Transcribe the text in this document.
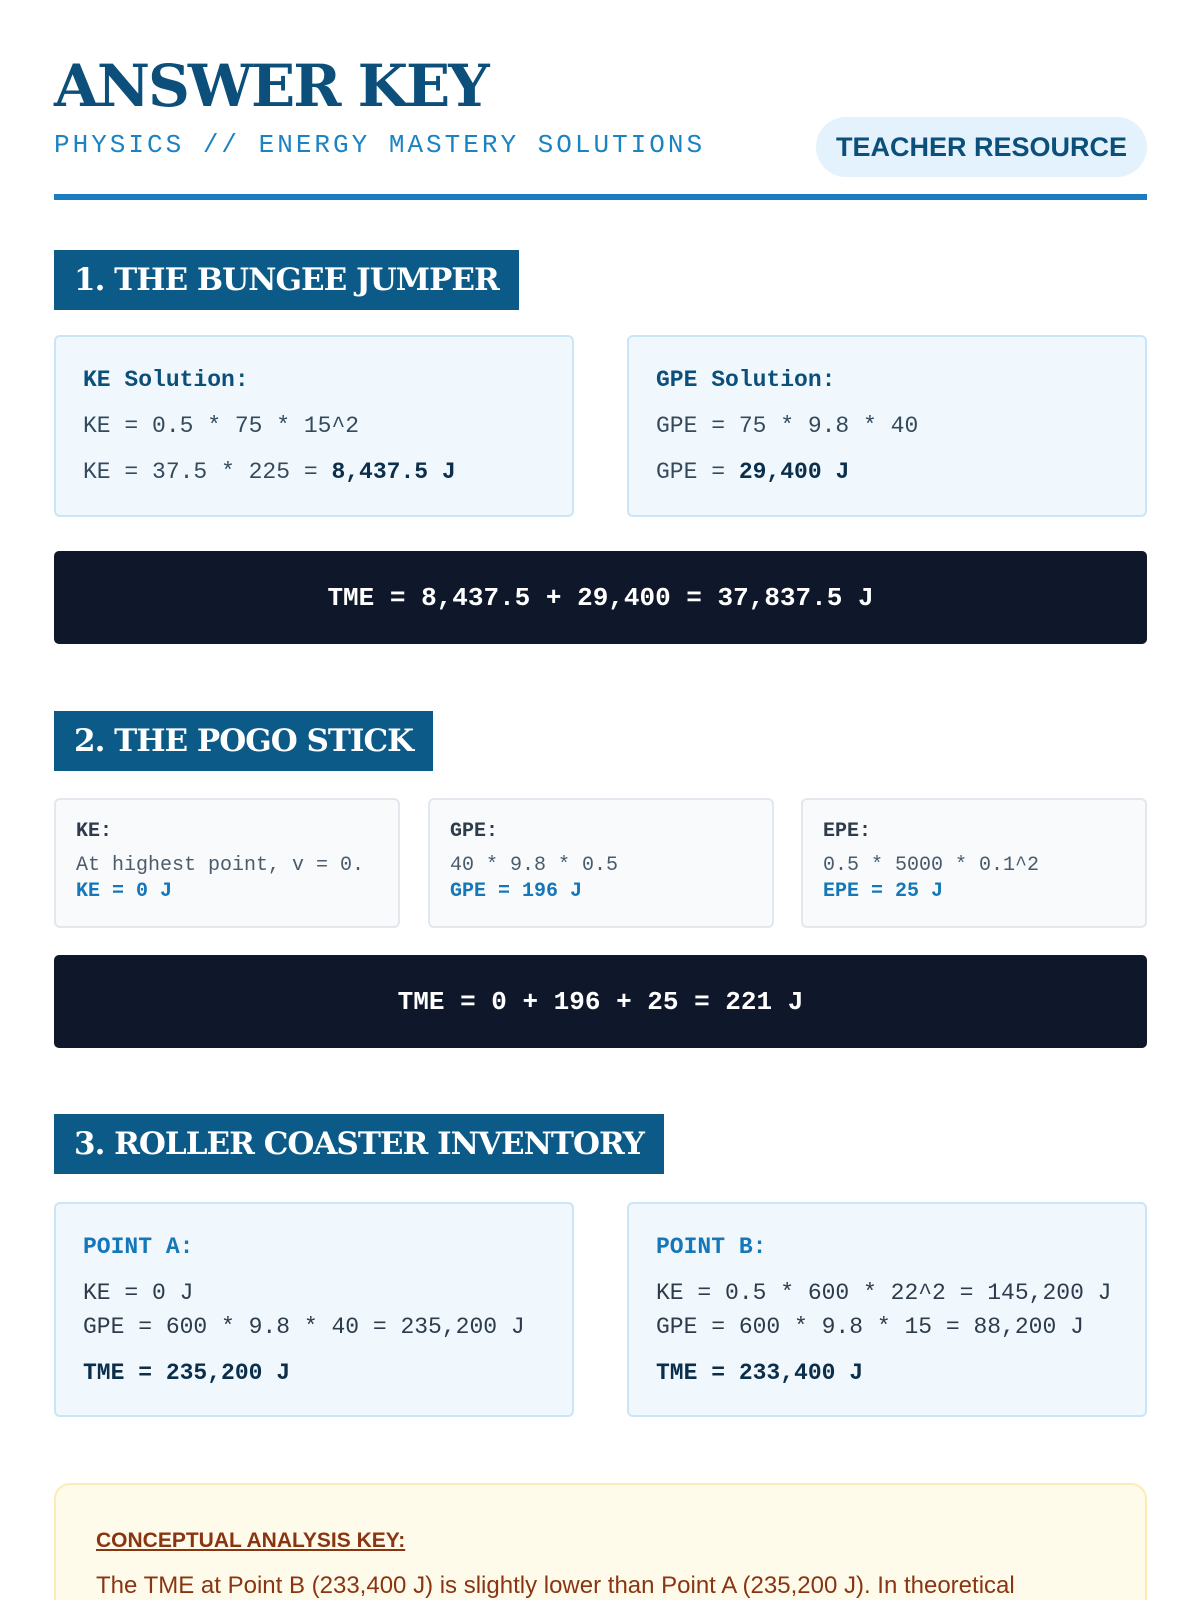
ANSWER KEY
PHYSICS // ENERGY MASTERY SOLUTIONS	TEACHER RESOURCE
1. THE BUNGEE JUMPER
KE Solution:
KE = 0.5 * 75 * 15^2
KE = 37.5 * 225 = 8,437.5 J
GPE Solution:
GPE = 75 * 9.8 * 40
GPE = 29,400 J
TME = 8,437.5 + 29,400 = 37,837.5 J
2. THE POGO STICK
KE:
At highest point, v = 0.
KE = 0 J
GPE:
40 * 9.8 * 0.5
GPE = 196 J
EPE:
0.5 * 5000 * 0.1^2
EPE = 25 J
TME = 0 + 196 + 25 = 221 J
3. ROLLER COASTER INVENTORY
POINT A:
KE = 0 J
GPE = 600 * 9.8 * 40 = 235,200 J
TME = 235,200 J
POINT B:
KE = 0.5 * 600 * 22^2 = 145,200 J
GPE = 600 * 9.8 * 15 = 88,200 J
TME = 233,400 J
CONCEPTUAL ANALYSIS KEY:
The TME at Point B (233,400 J) is slightly lower than Point A (235,200 J). In theoretical
